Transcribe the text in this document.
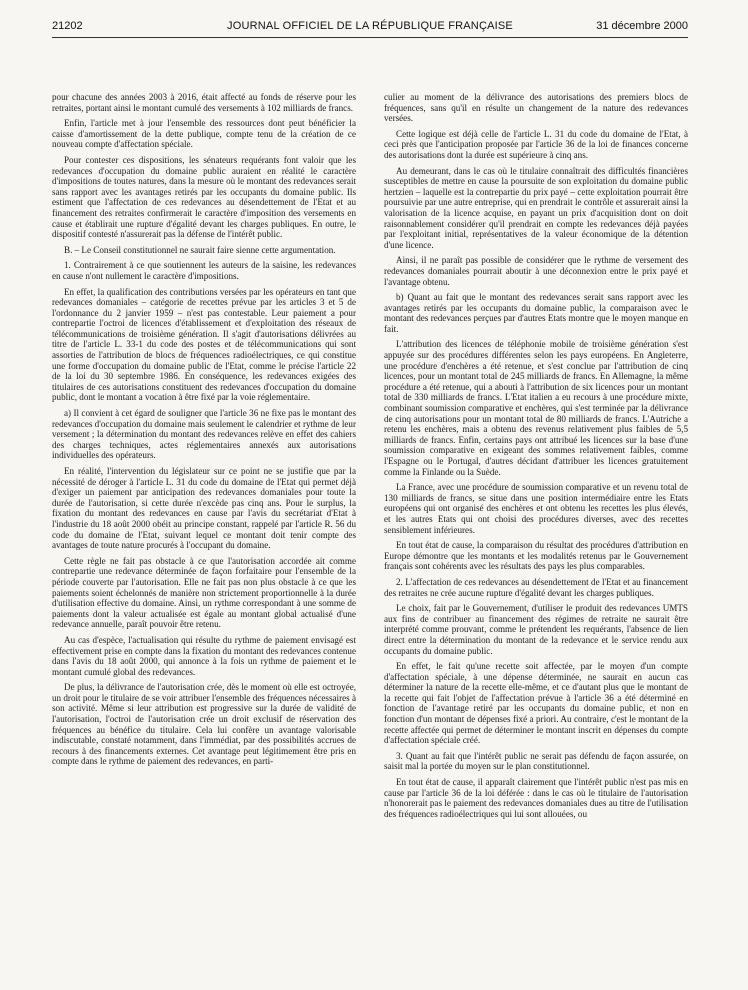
21202	JOURNAL OFFICIEL DE LA RÉPUBLIQUE FRANÇAISE	31 décembre 2000

pour chacune des années 2003 à 2016, était affecté au fonds de réserve pour les retraites, portant ainsi le montant cumulé des versements à 102 milliards de francs.

Enfin, l'article met à jour l'ensemble des ressources dont peut bénéficier la caisse d'amortissement de la dette publique, compte tenu de la création de ce nouveau compte d'affectation spéciale.

Pour contester ces dispositions, les sénateurs requérants font valoir que les redevances d'occupation du domaine public auraient en réalité le caractère d'impositions de toutes natures, dans la mesure où le montant des redevances serait sans rapport avec les avantages retirés par les occupants du domaine public. Ils estiment que l'affectation de ces redevances au désendettement de l'Etat et au financement des retraites confirmerait le caractère d'imposition des versements en cause et établirait une rupture d'égalité devant les charges publiques. En outre, le dispositif contesté n'assurerait pas la défense de l'intérêt public.

B. – Le Conseil constitutionnel ne saurait faire sienne cette argumentation.

1. Contrairement à ce que soutiennent les auteurs de la saisine, les redevances en cause n'ont nullement le caractère d'impositions.

En effet, la qualification des contributions versées par les opérateurs en tant que redevances domaniales – catégorie de recettes prévue par les articles 3 et 5 de l'ordonnance du 2 janvier 1959 – n'est pas contestable. Leur paiement a pour contrepartie l'octroi de licences d'établissement et d'exploitation des réseaux de télécommunications de troisième génération. Il s'agit d'autorisations délivrées au titre de l'article L. 33-1 du code des postes et de télécommunications qui sont assorties de l'attribution de blocs de fréquences radioélectriques, ce qui constitue une forme d'occupation du domaine public de l'Etat, comme le précise l'article 22 de la loi du 30 septembre 1986. En conséquence, les redevances exigées des titulaires de ces autorisations constituent des redevances d'occupation du domaine public, dont le montant a vocation à être fixé par la voie réglementaire.

a) Il convient à cet égard de souligner que l'article 36 ne fixe pas le montant des redevances d'occupation du domaine mais seulement le calendrier et rythme de leur versement ; la détermination du montant des redevances relève en effet des cahiers des charges techniques, actes réglementaires annexés aux autorisations individuelles des opérateurs.

En réalité, l'intervention du législateur sur ce point ne se justifie que par la nécessité de déroger à l'article L. 31 du code du domaine de l'Etat qui permet déjà d'exiger un paiement par anticipation des redevances domaniales pour toute la durée de l'autorisation, si cette durée n'excède pas cinq ans. Pour le surplus, la fixation du montant des redevances en cause par l'avis du secrétariat d'Etat à l'industrie du 18 août 2000 obéit au principe constant, rappelé par l'article R. 56 du code du domaine de l'Etat, suivant lequel ce montant doit tenir compte des avantages de toute nature procurés à l'occupant du domaine.

Cette règle ne fait pas obstacle à ce que l'autorisation accordée ait comme contrepartie une redevance déterminée de façon forfaitaire pour l'ensemble de la période couverte par l'autorisation. Elle ne fait pas non plus obstacle à ce que les paiements soient échelonnés de manière non strictement proportionnelle à la durée d'utilisation effective du domaine. Ainsi, un rythme correspondant à une somme de paiements dont la valeur actualisée est égale au montant global actualisé d'une redevance annuelle, paraît pouvoir être retenu.

Au cas d'espèce, l'actualisation qui résulte du rythme de paiement envisagé est effectivement prise en compte dans la fixation du montant des redevances contenue dans l'avis du 18 août 2000, qui annonce à la fois un rythme de paiement et le montant cumulé global des redevances.

De plus, la délivrance de l'autorisation crée, dès le moment où elle est octroyée, un droit pour le titulaire de se voir attribuer l'ensemble des fréquences nécessaires à son activité. Même si leur attribution est progressive sur la durée de validité de l'autorisation, l'octroi de l'autorisation crée un droit exclusif de réservation des fréquences au bénéfice du titulaire. Cela lui confère un avantage valorisable indiscutable, constaté notamment, dans l'immédiat, par des possibilités accrues de recours à des financements externes. Cet avantage peut légitimement être pris en compte dans le rythme de paiement des redevances, en parti-

culier au moment de la délivrance des autorisations des premiers blocs de fréquences, sans qu'il en résulte un changement de la nature des redevances versées.

Cette logique est déjà celle de l'article L. 31 du code du domaine de l'Etat, à ceci près que l'anticipation proposée par l'article 36 de la loi de finances concerne des autorisations dont la durée est supérieure à cinq ans.

Au demeurant, dans le cas où le titulaire connaîtrait des difficultés financières susceptibles de mettre en cause la poursuite de son exploitation du domaine public hertzien – laquelle est la contrepartie du prix payé – cette exploitation pourrait être poursuivie par une autre entreprise, qui en prendrait le contrôle et assurerait ainsi la valorisation de la licence acquise, en payant un prix d'acquisition dont on doit raisonnablement considérer qu'il prendrait en compte les redevances déjà payées par l'exploitant initial, représentatives de la valeur économique de la détention d'une licence.

Ainsi, il ne paraît pas possible de considérer que le rythme de versement des redevances domaniales pourrait aboutir à une déconnexion entre le prix payé et l'avantage obtenu.

b) Quant au fait que le montant des redevances serait sans rapport avec les avantages retirés par les occupants du domaine public, la comparaison avec le montant des redevances perçues par d'autres Etats montre que le moyen manque en fait.

L'attribution des licences de téléphonie mobile de troisième génération s'est appuyée sur des procédures différentes selon les pays européens. En Angleterre, une procédure d'enchères a été retenue, et s'est conclue par l'attribution de cinq licences, pour un montant total de 245 milliards de francs. En Allemagne, la même procédure a été retenue, qui a abouti à l'attribution de six licences pour un montant total de 330 milliards de francs. L'Etat italien a eu recours à une procédure mixte, combinant soumission comparative et enchères, qui s'est terminée par la délivrance de cinq autorisations pour un montant total de 80 milliards de francs. L'Autriche a retenu les enchères, mais a obtenu des revenus relativement plus faibles de 5,5 milliards de francs. Enfin, certains pays ont attribué les licences sur la base d'une soumission comparative en exigeant des sommes relativement faibles, comme l'Espagne ou le Portugal, d'autres décidant d'attribuer les licences gratuitement comme la Finlande ou la Suède.

La France, avec une procédure de soumission comparative et un revenu total de 130 milliards de francs, se situe dans une position intermédiaire entre les Etats européens qui ont organisé des enchères et ont obtenu les recettes les plus élevés, et les autres Etats qui ont choisi des procédures diverses, avec des recettes sensiblement inférieures.

En tout état de cause, la comparaison du résultat des procédures d'attribution en Europe démontre que les montants et les modalités retenus par le Gouvernement français sont cohérents avec les résultats des pays les plus comparables.

2. L'affectation de ces redevances au désendettement de l'Etat et au financement des retraites ne crée aucune rupture d'égalité devant les charges publiques.

Le choix, fait par le Gouvernement, d'utiliser le produit des redevances UMTS aux fins de contribuer au financement des régimes de retraite ne saurait être interprété comme prouvant, comme le prétendent les requérants, l'absence de lien direct entre la détermination du montant de la redevance et le service rendu aux occupants du domaine public.

En effet, le fait qu'une recette soit affectée, par le moyen d'un compte d'affectation spéciale, à une dépense déterminée, ne saurait en aucun cas déterminer la nature de la recette elle-même, et ce d'autant plus que le montant de la recette qui fait l'objet de l'affectation prévue à l'article 36 a été déterminé en fonction de l'avantage retiré par les occupants du domaine public, et non en fonction d'un montant de dépenses fixé a priori. Au contraire, c'est le montant de la recette affectée qui permet de déterminer le montant inscrit en dépenses du compte d'affectation spéciale créé.

3. Quant au fait que l'intérêt public ne serait pas défendu de façon assurée, on saisit mal la portée du moyen sur le plan constitutionnel.

En tout état de cause, il apparaît clairement que l'intérêt public n'est pas mis en cause par l'article 36 de la loi déférée : dans le cas où le titulaire de l'autorisation n'honorerait pas le paiement des redevances domaniales dues au titre de l'utilisation des fréquences radioélectriques qui lui sont allouées, ou
